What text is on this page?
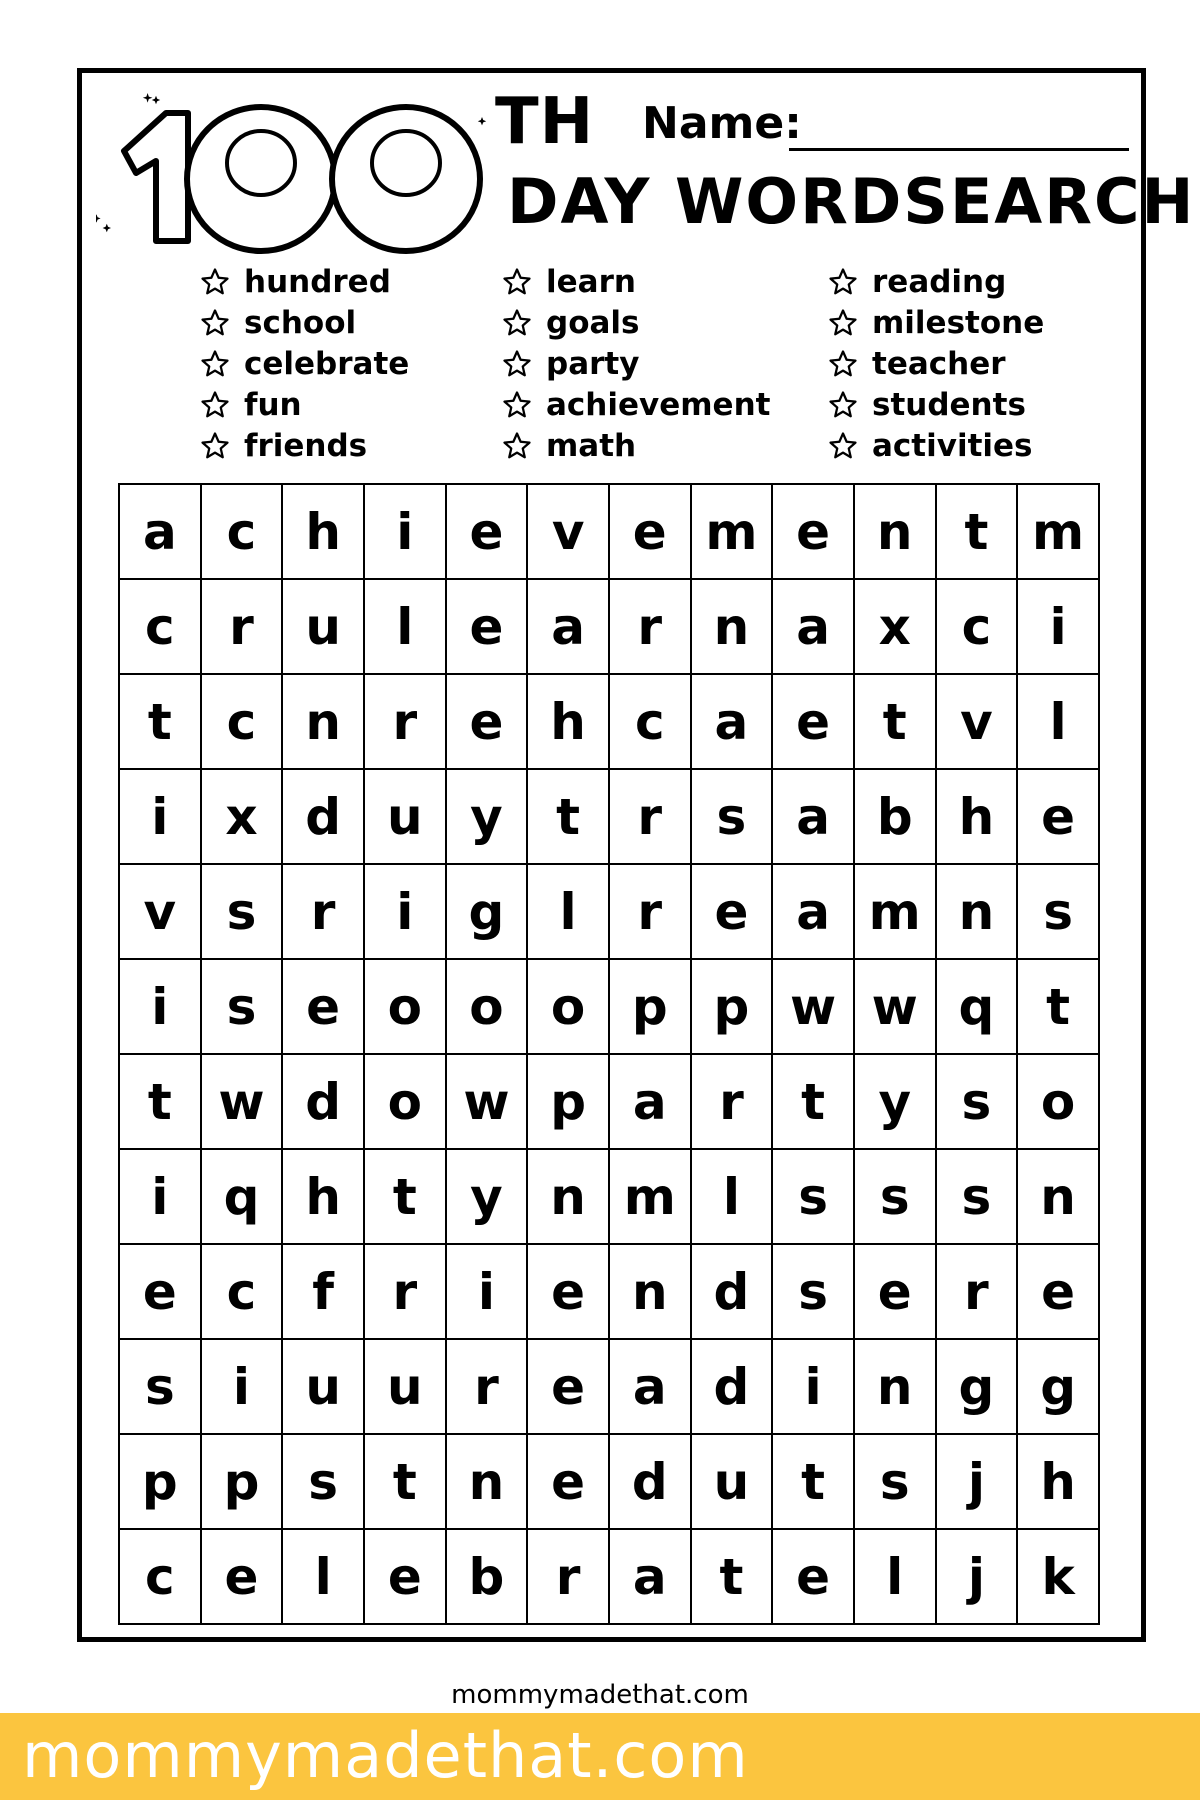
TH Name:
DAY WORDSEARCH
hundred
school
celebrate
fun
friends
learn
goals
party
achievement
math
reading
milestone
teacher
students
activities
a	c	h	i	e	v	e	m	e	n	t	m
c	r	u	l	e	a	r	n	a	x	c	i
t	c	n	r	e	h	c	a	e	t	v	l
i	x	d	u	y	t	r	s	a	b	h	e
v	s	r	i	g	l	r	e	a	m	n	s
i	s	e	o	o	o	p	p	w	w	q	t
t	w	d	o	w	p	a	r	t	y	s	o
i	q	h	t	y	n	m	l	s	s	s	n
e	c	f	r	i	e	n	d	s	e	r	e
s	i	u	u	r	e	a	d	i	n	g	g
p	p	s	t	n	e	d	u	t	s	j	h
c	e	l	e	b	r	a	t	e	l	j	k
mommymadethat.com
mommymadethat.com
